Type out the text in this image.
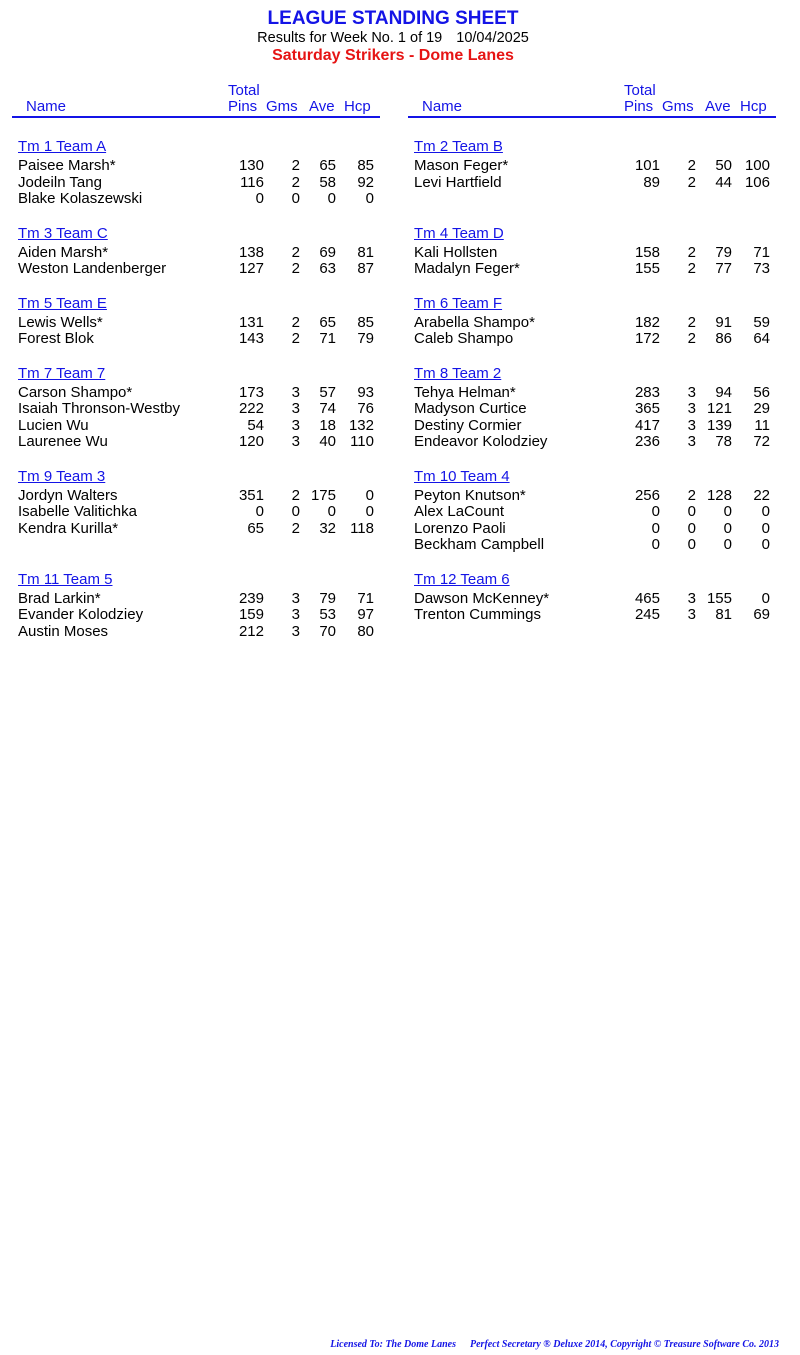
LEAGUE STANDING SHEET
Results for Week No. 1 of 19 10/04/2025
Saturday Strikers - Dome Lanes
Name
Total
Pins Gms Ave Hcp
Tm 1 Team A
Paisee Marsh*	130 2 65 85
Jodeiln Tang	116 2 58 92
Blake Kolaszewski	0 0 0 0
Tm 3 Team C
Aiden Marsh*	138 2 69 81
Weston Landenberger	127 2 63 87
Tm 5 Team E
Lewis Wells*	131 2 65 85
Forest Blok	143 2 71 79
Tm 7 Team 7
Carson Shampo*	173 3 57 93
Isaiah Thronson-Westby	222 3 74 76
Lucien Wu	54 3 18 132
Laurenee Wu	120 3 40 110
Tm 9 Team 3
Jordyn Walters	351 2 175 0
Isabelle Valitichka	0 0 0 0
Kendra Kurilla*	65 2 32 118
Tm 11 Team 5
Brad Larkin*	239 3 79 71
Evander Kolodziey	159 3 53 97
Austin Moses	212 3 70 80
Name
Total
Pins Gms Ave Hcp
Tm 2 Team B
Mason Feger*	101 2 50 100
Levi Hartfield	89 2 44 106
Tm 4 Team D
Kali Hollsten	158 2 79 71
Madalyn Feger*	155 2 77 73
Tm 6 Team F
Arabella Shampo*	182 2 91 59
Caleb Shampo	172 2 86 64
Tm 8 Team 2
Tehya Helman*	283 3 94 56
Madyson Curtice	365 3 121 29
Destiny Cormier	417 3 139 11
Endeavor Kolodziey	236 3 78 72
Tm 10 Team 4
Peyton Knutson*	256 2 128 22
Alex LaCount	0 0 0 0
Lorenzo Paoli	0 0 0 0
Beckham Campbell	0 0 0 0
Tm 12 Team 6
Dawson McKenney*	465 3 155 0
Trenton Cummings	245 3 81 69
Licensed To: The Dome Lanes Perfect Secretary ® Deluxe 2014, Copyright © Treasure Software Co. 2013
